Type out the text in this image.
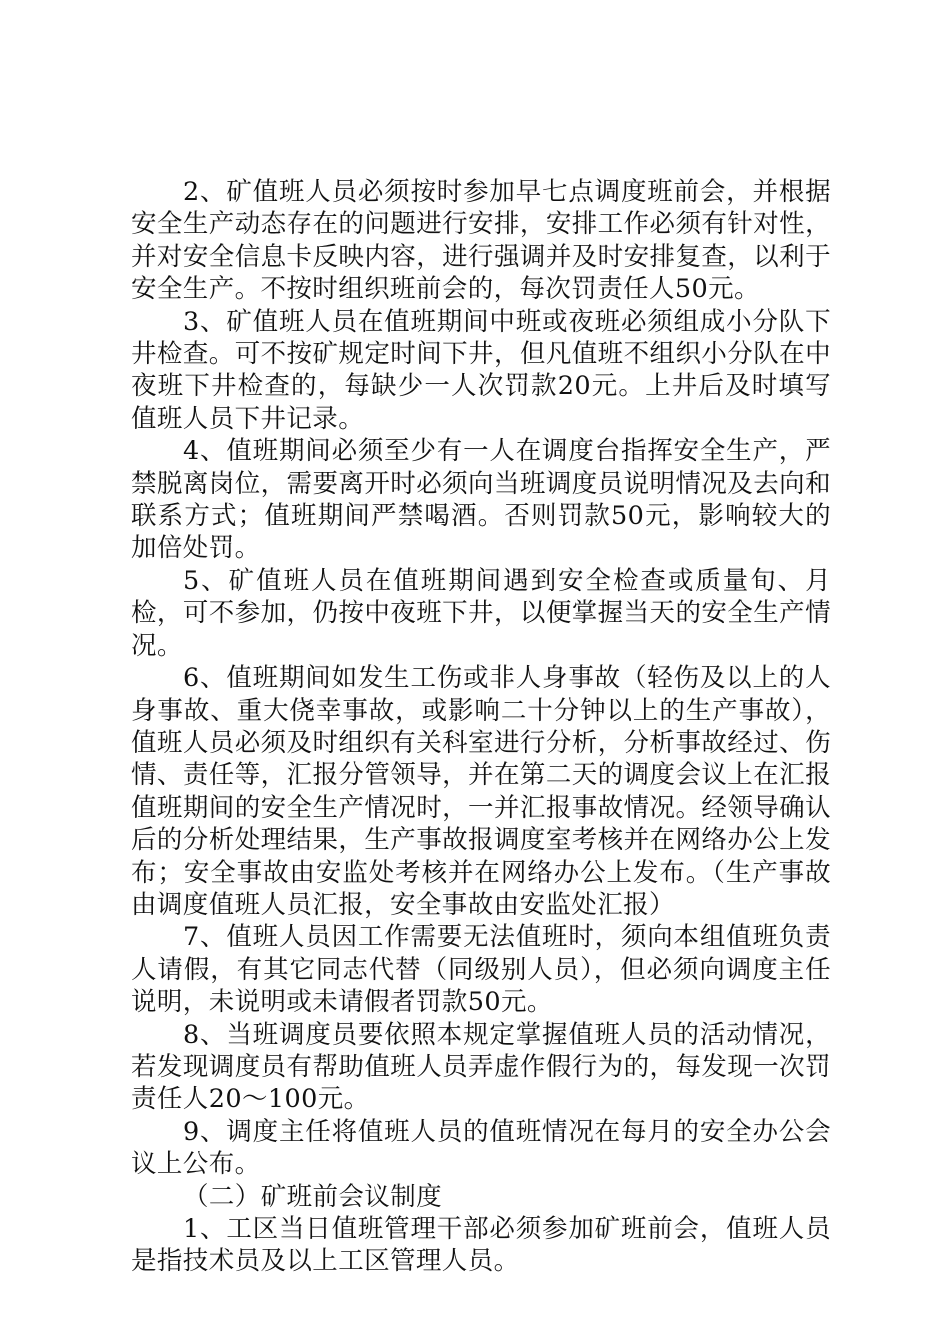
2、矿值班人员必须按时参加早七点调度班前会，并根据安全生产动态存在的问题进行安排，安排工作必须有针对性，并对安全信息卡反映内容，进行强调并及时安排复查，以利于安全生产。不按时组织班前会的，每次罚责任人50元。

3、矿值班人员在值班期间中班或夜班必须组成小分队下井检查。可不按矿规定时间下井，但凡值班不组织小分队在中夜班下井检查的，每缺少一人次罚款20元。上井后及时填写值班人员下井记录。

4、值班期间必须至少有一人在调度台指挥安全生产，严禁脱离岗位，需要离开时必须向当班调度员说明情况及去向和联系方式；值班期间严禁喝酒。否则罚款50元，影响较大的加倍处罚。

5、矿值班人员在值班期间遇到安全检查或质量旬、月检，可不参加，仍按中夜班下井，以便掌握当天的安全生产情况。

6、值班期间如发生工伤或非人身事故（轻伤及以上的人身事故、重大侥幸事故，或影响二十分钟以上的生产事故），值班人员必须及时组织有关科室进行分析，分析事故经过、伤情、责任等，汇报分管领导，并在第二天的调度会议上在汇报值班期间的安全生产情况时，一并汇报事故情况。经领导确认后的分析处理结果，生产事故报调度室考核并在网络办公上发布；安全事故由安监处考核并在网络办公上发布。（生产事故由调度值班人员汇报，安全事故由安监处汇报）

7、值班人员因工作需要无法值班时，须向本组值班负责人请假，有其它同志代替（同级别人员），但必须向调度主任说明，未说明或未请假者罚款50元。

8、当班调度员要依照本规定掌握值班人员的活动情况，若发现调度员有帮助值班人员弄虚作假行为的，每发现一次罚责任人20～100元。

9、调度主任将值班人员的值班情况在每月的安全办公会议上公布。

（二）矿班前会议制度

1、工区当日值班管理干部必须参加矿班前会，值班人员是指技术员及以上工区管理人员。
